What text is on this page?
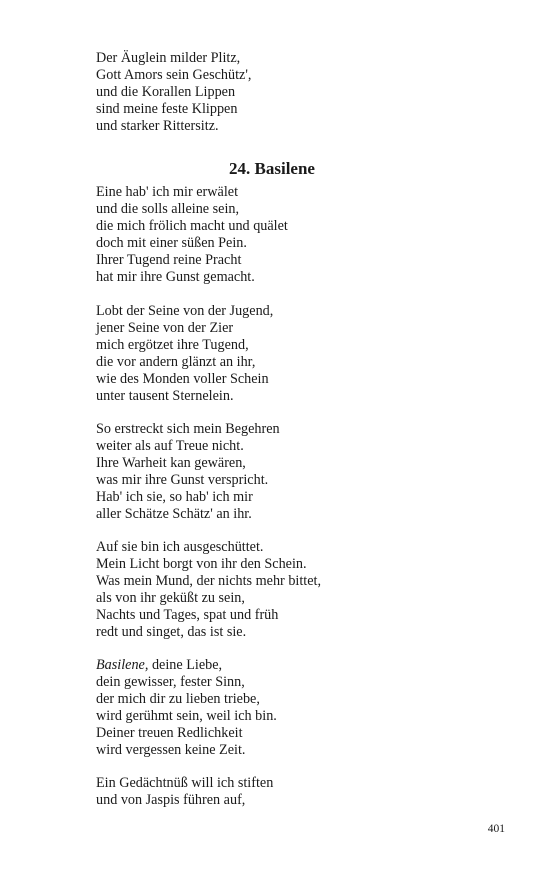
Der Äuglein milder Plitz,
Gott Amors sein Geschütz',
und die Korallen Lippen
sind meine feste Klippen
und starker Rittersitz.
24. Basilene
Eine hab' ich mir erwälet
und die solls alleine sein,
die mich frölich macht und quälet
doch mit einer süßen Pein.
Ihrer Tugend reine Pracht
hat mir ihre Gunst gemacht.
Lobt der Seine von der Jugend,
jener Seine von der Zier
mich ergötzet ihre Tugend,
die vor andern glänzt an ihr,
wie des Monden voller Schein
unter tausent Sternelein.
So erstreckt sich mein Begehren
weiter als auf Treue nicht.
Ihre Warheit kan gewären,
was mir ihre Gunst verspricht.
Hab' ich sie, so hab' ich mir
aller Schätze Schätz' an ihr.
Auf sie bin ich ausgeschüttet.
Mein Licht borgt von ihr den Schein.
Was mein Mund, der nichts mehr bittet,
als von ihr geküßt zu sein,
Nachts und Tages, spat und früh
redt und singet, das ist sie.
Basilene, deine Liebe,
dein gewisser, fester Sinn,
der mich dir zu lieben triebe,
wird gerühmt sein, weil ich bin.
Deiner treuen Redlichkeit
wird vergessen keine Zeit.
Ein Gedächtnüß will ich stiften
und von Jaspis führen auf,
401
